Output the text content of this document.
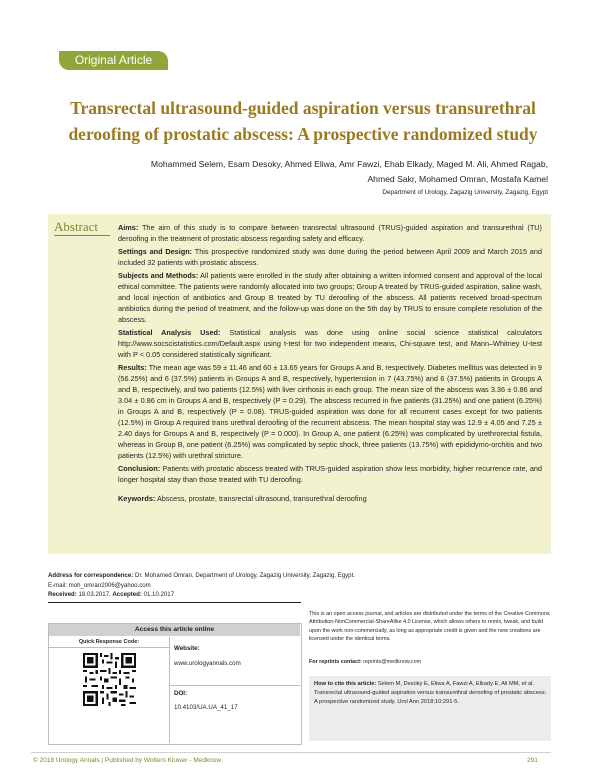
Original Article
Transrectal ultrasound-guided aspiration versus transurethral deroofing of prostatic abscess: A prospective randomized study
Mohammed Selem, Esam Desoky, Ahmed Eliwa, Amr Fawzi, Ehab Elkady, Maged M. Ali, Ahmed Ragab,
Ahmed Sakr, Mohamed Omran, Mostafa Kamel
Department of Urology, Zagazig University, Zagazig, Egypt
Abstract	Aims: The aim of this study is to compare between transrectal ultrasound (TRUS)-guided aspiration and transurethral (TU) deroofing in the treatment of prostatic abscess regarding safety and efficacy.

Settings and Design: This prospective randomized study was done during the period between April 2009 and March 2015 and included 32 patients with prostatic abscess.

Subjects and Methods: All patients were enrolled in the study after obtaining a written informed consent and approval of the local ethical committee. The patients were randomly allocated into two groups; Group A treated by TRUS-guided aspiration, saline wash, and local injection of antibiotics and Group B treated by TU deroofing of the abscess. All patients received broad-spectrum antibiotics during the period of treatment, and the follow-up was done on the 5th day by TRUS to ensure complete resolution of the abscess.

Statistical Analysis Used: Statistical analysis was done using online social science statistical calculators http://www.socscistatistics.com/Default.aspx using t-test for two independent means, Chi-square test, and Mann–Whitney U-test with P < 0.05 considered statistically significant.

Results: The mean age was 59 ± 11.46 and 60 ± 13.65 years for Groups A and B, respectively. Diabetes mellitus was detected in 9 (56.25%) and 6 (37.5%) patients in Groups A and B, respectively, hypertension in 7 (43.75%) and 6 (37.5%) patients in Groups A and B, respectively, and two patients (12.5%) with liver cirrhosis in each group. The mean size of the abscess was 3.36 ± 0.86 and 3.04 ± 0.86 cm in Groups A and B, respectively (P = 0.29). The abscess recurred in five patients (31.25%) and one patient (6.25%) in Groups A and B, respectively (P = 0.08). TRUS-guided aspiration was done for all recurrent cases except for two patients (12.5%) in Group A required trans urethral deroofing of the recurrent abscess. The mean hospital stay was 12.9 ± 4.05 and 7.25 ± 2.40 days for Groups A and B, respectively (P = 0.000). In Group A, one patient (6.25%) was complicated by urethrorectal fistula, whereas in Group B, one patient (6.25%) was complicated by septic shock, three patients (13.75%) with epididymo-orchitis and two patients (12.5%) with urethral stricture.

Conclusion: Patients with prostatic abscess treated with TRUS-guided aspiration show less morbidity, higher recurrence rate, and longer hospital stay than those treated with TU deroofing.

Keywords: Abscess, prostate, transrectal ultrasound, transurethral deroofing

Address for correspondence: Dr. Mohamed Omran, Department of Urology, Zagazig University, Zagazig, Egypt.
E-mail: moh_omran2006@yahoo.com
Received: 18.03.2017, Accepted: 01.10.2017
Access this article online
Quick Response Code:
Website:
www.urologyannals.com
DOI:
10.4103/UA.UA_41_17
This is an open access journal, and articles are distributed under the terms of the Creative Commons Attribution-NonCommercial-ShareAlike 4.0 License, which allows others to remix, tweak, and build upon the work non-commercially, as long as appropriate credit is given and the new creations are licensed under the identical terms.
For reprints contact: reprints@medknow.com
How to cite this article: Selem M, Desoky E, Eliwa A, Fawzi A, Elkady E, Ali MM, et al. Transrectal ultrasound-guided aspiration versus transurethral deroofing of prostatic abscess: A prospective randomized study. Urol Ann 2018;10:291-5.
© 2018 Urology Annals | Published by Wolters Kluwer - Medknow	291
